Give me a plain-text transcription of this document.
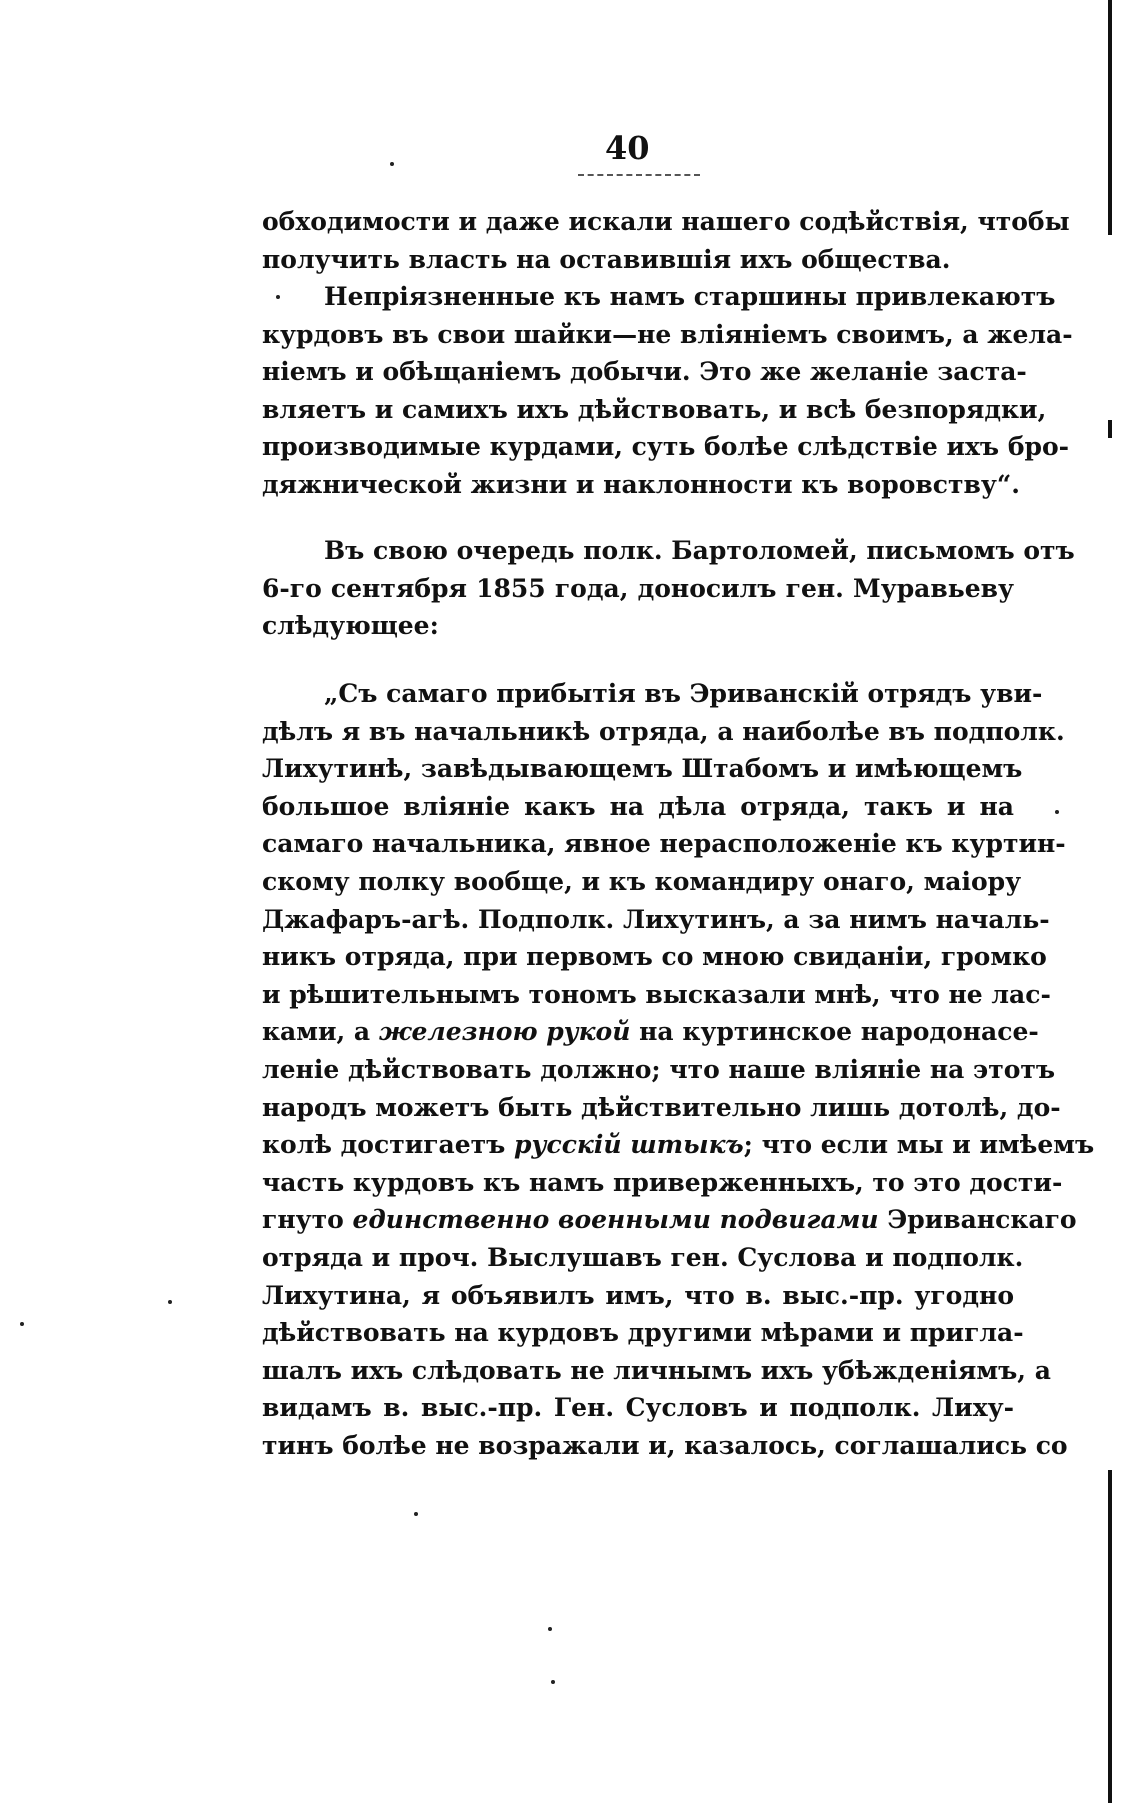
40

обходимости и даже искали нашего содѣйствія, чтобы
получить власть на оставившія ихъ общества.

Непріязненные къ намъ старшины привлекаютъ
курдовъ въ свои шайки—не вліяніемъ своимъ, а жела-
ніемъ и обѣщаніемъ добычи. Это же желаніе заста-
вляетъ и самихъ ихъ дѣйствовать, и всѣ безпорядки,
производимые курдами, суть болѣе слѣдствіе ихъ бро-
дяжнической жизни и наклонности къ воровству“.

Въ свою очередь полк. Бартоломей, письмомъ отъ
6-го сентября 1855 года, доносилъ ген. Муравьеву
слѣдующее:

„Съ самаго прибытія въ Эриванскій отрядъ уви-
дѣлъ я въ начальникѣ отряда, а наиболѣе въ подполк.
Лихутинѣ, завѣдывающемъ Штабомъ и имѣющемъ
большое вліяніе какъ на дѣла отряда, такъ и на
самаго начальника, явное нерасположеніе къ куртин-
скому полку вообще, и къ командиру онаго, маіору
Джафаръ-агѣ. Подполк. Лихутинъ, а за нимъ началь-
никъ отряда, при первомъ со мною свиданіи, громко
и рѣшительнымъ тономъ высказали мнѣ, что не лас-
ками, а железною рукой на куртинское народонасе-
леніе дѣйствовать должно; что наше вліяніе на этотъ
народъ можетъ быть дѣйствительно лишь дотолѣ, до-
колѣ достигаетъ русскій штыкъ; что если мы и имѣемъ
часть курдовъ къ намъ приверженныхъ, то это дости-
гнуто единственно военными подвигами Эриванскаго
отряда и проч. Выслушавъ ген. Суслова и подполк.
Лихутина, я объявилъ имъ, что в. выс.-пр. угодно
дѣйствовать на курдовъ другими мѣрами и пригла-
шалъ ихъ слѣдовать не личнымъ ихъ убѣжденіямъ, а
видамъ в. выс.-пр. Ген. Сусловъ и подполк. Лиху-
тинъ болѣе не возражали и, казалось, соглашались со
